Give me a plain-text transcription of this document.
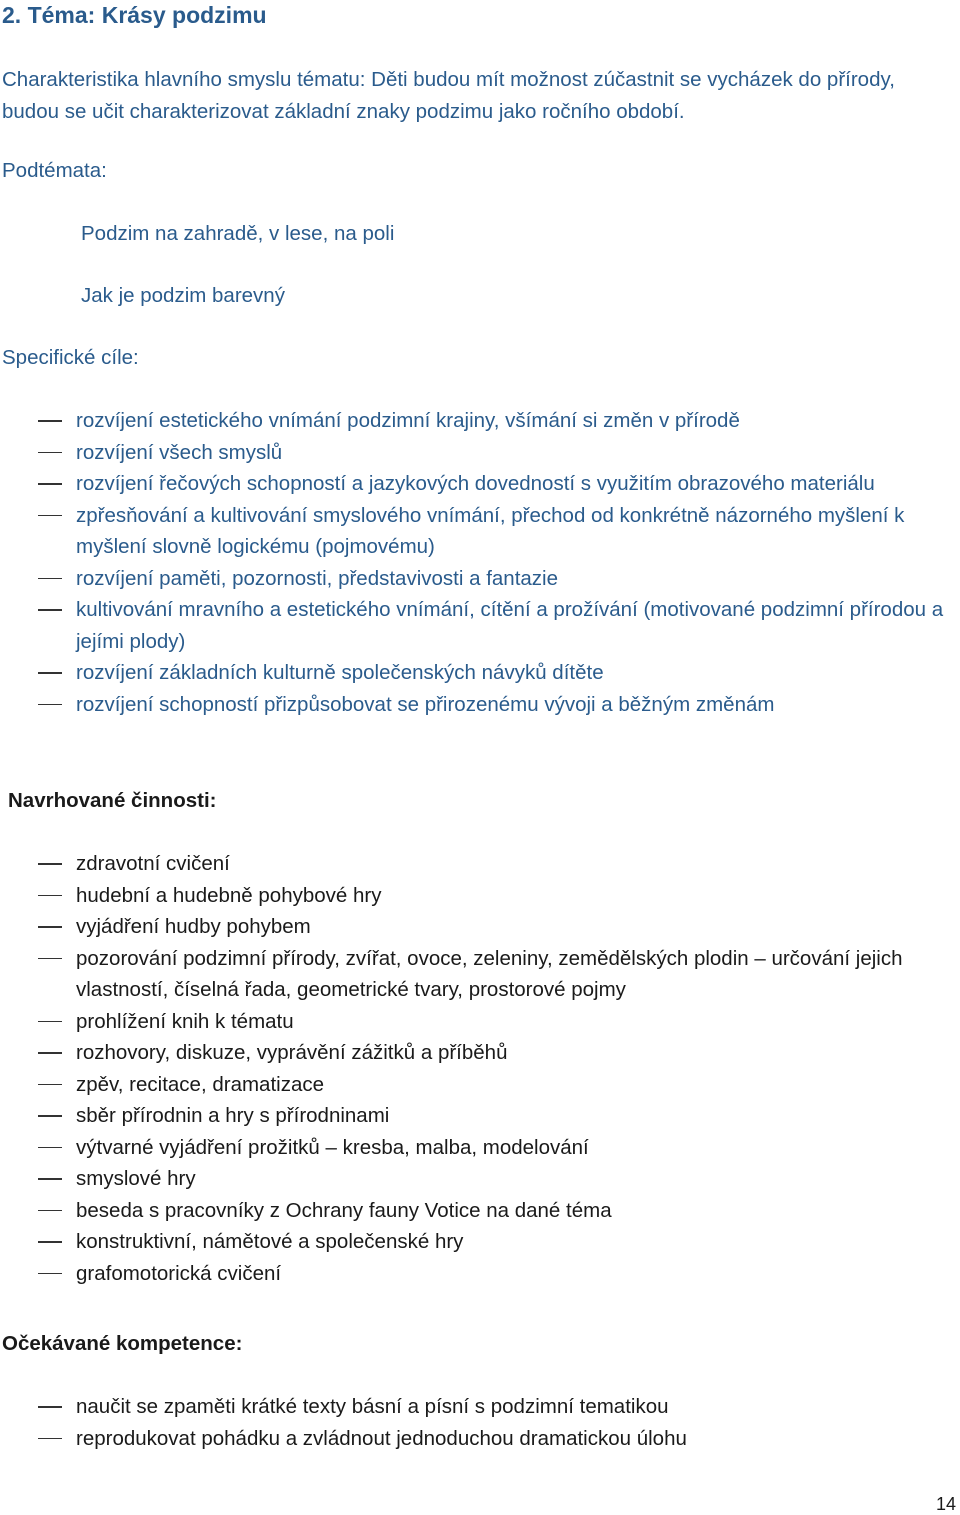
2. Téma: Krásy podzimu
Charakteristika hlavního smyslu tématu: Děti budou mít možnost zúčastnit se vycházek do přírody, budou se učit charakterizovat základní znaky podzimu jako ročního období.
Podtémata:
Podzim na zahradě, v lese, na poli
Jak je podzim barevný
Specifické cíle:
rozvíjení estetického vnímání podzimní krajiny, všímání si změn v přírodě
rozvíjení všech smyslů
rozvíjení řečových schopností a jazykových dovedností s využitím obrazového materiálu
zpřesňování a kultivování smyslového vnímání, přechod od konkrétně názorného myšlení k myšlení slovně logickému (pojmovému)
rozvíjení paměti, pozornosti, představivosti a fantazie
kultivování mravního a estetického vnímání, cítění a prožívání (motivované podzimní přírodou a jejími plody)
rozvíjení základních kulturně společenských návyků dítěte
rozvíjení schopností přizpůsobovat se přirozenému vývoji a běžným změnám
Navrhované činnosti:
zdravotní cvičení
hudební a hudebně pohybové hry
vyjádření hudby pohybem
pozorování podzimní přírody, zvířat, ovoce, zeleniny, zemědělských plodin – určování jejich vlastností, číselná řada, geometrické tvary, prostorové pojmy
prohlížení knih k tématu
rozhovory, diskuze, vyprávění zážitků a příběhů
zpěv, recitace, dramatizace
sběr přírodnin a hry s přírodninami
výtvarné vyjádření prožitků – kresba, malba, modelování
smyslové hry
beseda s pracovníky z Ochrany fauny Votice na dané téma
konstruktivní, námětové a společenské hry
grafomotorická cvičení
Očekávané kompetence:
naučit se zpaměti krátké texty básní a písní s podzimní tematikou
reprodukovat pohádku a zvládnout jednoduchou dramatickou úlohu
14
